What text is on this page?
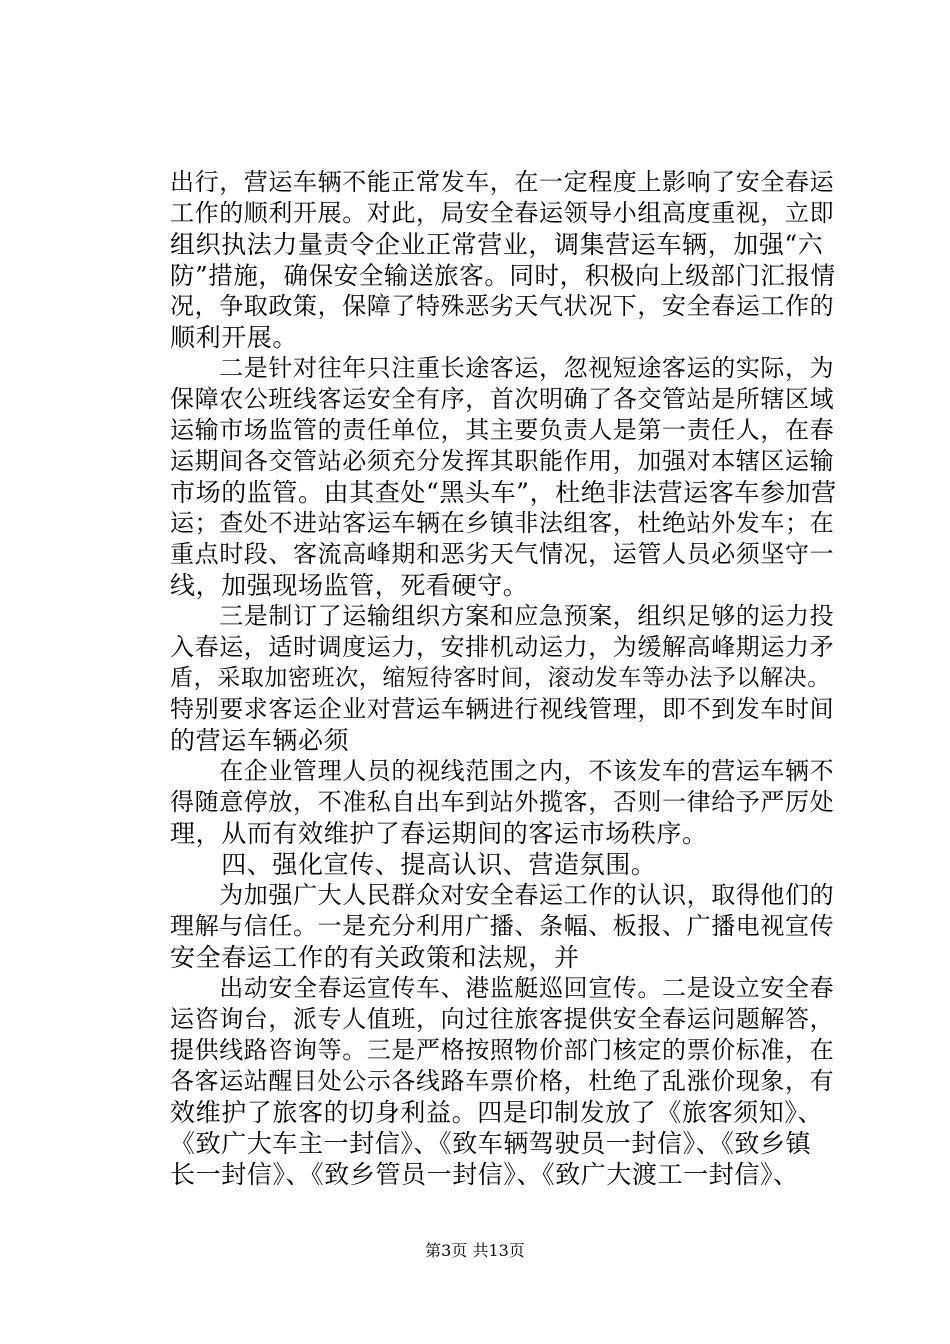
出行，营运车辆不能正常发车，在一定程度上影响了安全春运
工作的顺利开展。对此，局安全春运领导小组高度重视，立即
组织执法力量责令企业正常营业，调集营运车辆，加强“六
防”措施，确保安全输送旅客。同时，积极向上级部门汇报情
况，争取政策，保障了特殊恶劣天气状况下，安全春运工作的
顺利开展。
　　二是针对往年只注重长途客运，忽视短途客运的实际，为
保障农公班线客运安全有序，首次明确了各交管站是所辖区域
运输市场监管的责任单位，其主要负责人是第一责任人，在春
运期间各交管站必须充分发挥其职能作用，加强对本辖区运输
市场的监管。由其查处“黑头车”，杜绝非法营运客车参加营
运；查处不进站客运车辆在乡镇非法组客，杜绝站外发车；在
重点时段、客流高峰期和恶劣天气情况，运管人员必须坚守一
线，加强现场监管，死看硬守。
　　三是制订了运输组织方案和应急预案，组织足够的运力投
入春运，适时调度运力，安排机动运力，为缓解高峰期运力矛
盾，采取加密班次，缩短待客时间，滚动发车等办法予以解决。
特别要求客运企业对营运车辆进行视线管理，即不到发车时间
的营运车辆必须
　　在企业管理人员的视线范围之内，不该发车的营运车辆不
得随意停放，不准私自出车到站外揽客，否则一律给予严厉处
理，从而有效维护了春运期间的客运市场秩序。
　　四、强化宣传、提高认识、营造氛围。
　　为加强广大人民群众对安全春运工作的认识，取得他们的
理解与信任。一是充分利用广播、条幅、板报、广播电视宣传
安全春运工作的有关政策和法规，并
　　出动安全春运宣传车、港监艇巡回宣传。二是设立安全春
运咨询台，派专人值班，向过往旅客提供安全春运问题解答，
提供线路咨询等。三是严格按照物价部门核定的票价标准，在
各客运站醒目处公示各线路车票价格，杜绝了乱涨价现象，有
效维护了旅客的切身利益。四是印制发放了《旅客须知》、
《致广大车主一封信》、《致车辆驾驶员一封信》、《致乡镇
长一封信》、《致乡管员一封信》、《致广大渡工一封信》、
第3页 共13页
